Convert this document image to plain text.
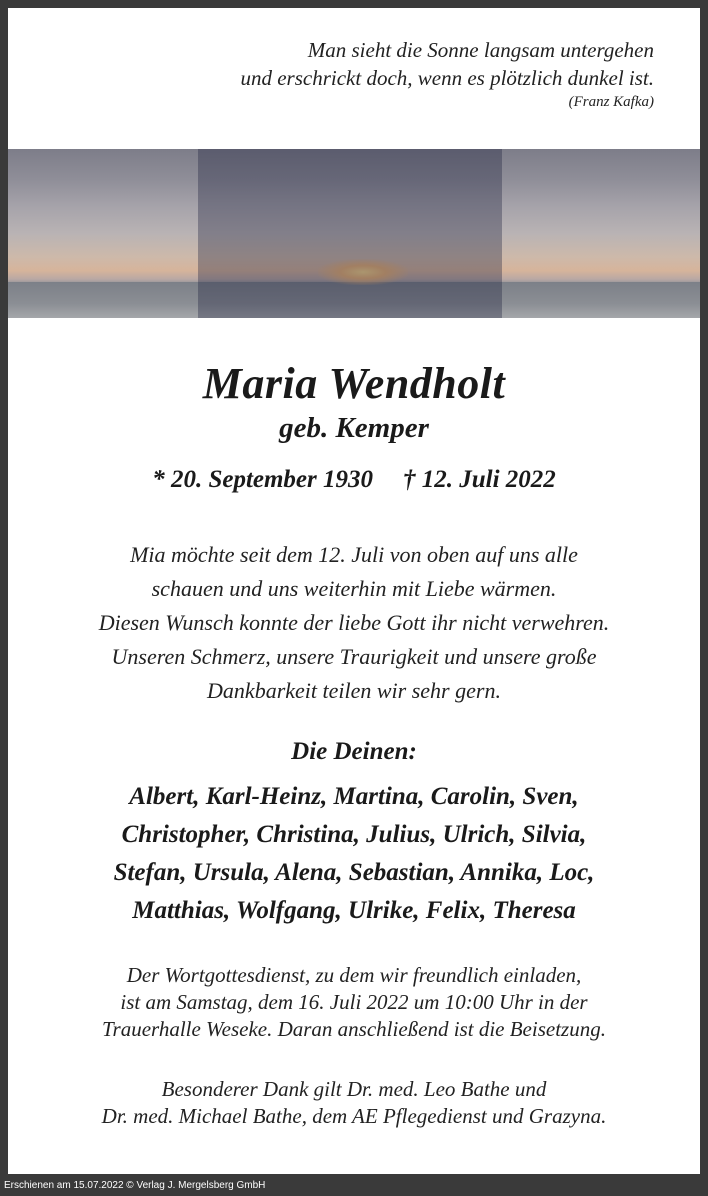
Man sieht die Sonne langsam untergehen
und erschrickt doch, wenn es plötzlich dunkel ist.
(Franz Kafka)
Maria Wendholt
geb. Kemper
* 20. September 1930 † 12. Juli 2022
Mia möchte seit dem 12. Juli von oben auf uns alle
schauen und uns weiterhin mit Liebe wärmen.
Diesen Wunsch konnte der liebe Gott ihr nicht verwehren.
Unseren Schmerz, unsere Traurigkeit und unsere große
Dankbarkeit teilen wir sehr gern.
Die Deinen:
Albert, Karl-Heinz, Martina, Carolin, Sven,
Christopher, Christina, Julius, Ulrich, Silvia,
Stefan, Ursula, Alena, Sebastian, Annika, Loc,
Matthias, Wolfgang, Ulrike, Felix, Theresa
Der Wortgottesdienst, zu dem wir freundlich einladen,
ist am Samstag, dem 16. Juli 2022 um 10:00 Uhr in der
Trauerhalle Weseke. Daran anschließend ist die Beisetzung.
Besonderer Dank gilt Dr. med. Leo Bathe und
Dr. med. Michael Bathe, dem AE Pflegedienst und Grazyna.
Erschienen am 15.07.2022 © Verlag J. Mergelsberg GmbH
